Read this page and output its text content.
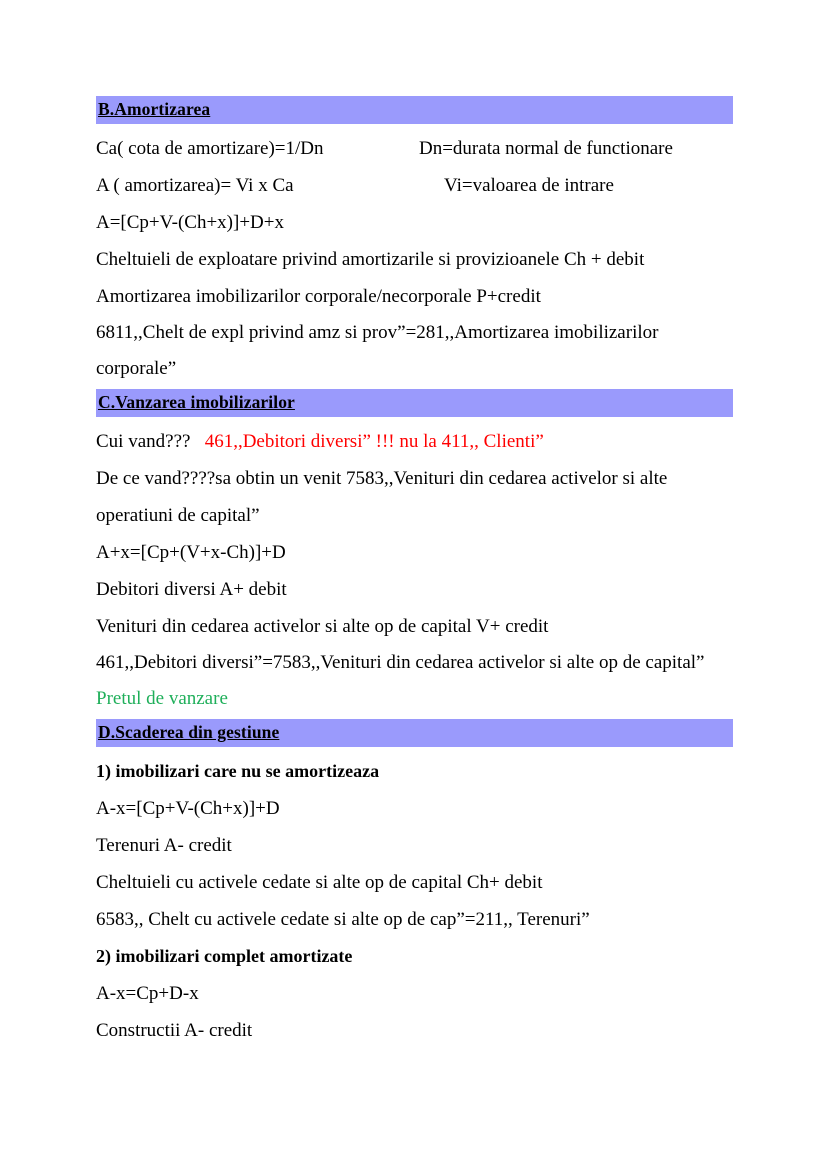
B.Amortizarea
Ca( cota de amortizare)=1/Dn	Dn=durata normal de functionare
A ( amortizarea)= Vi x Ca	Vi=valoarea de intrare
A=[Cp+V-(Ch+x)]+D+x
Cheltuieli de exploatare privind amortizarile si provizioanele Ch + debit
Amortizarea imobilizarilor corporale/necorporale P+credit
6811,,Chelt de expl privind amz si prov”=281,,Amortizarea imobilizarilor
corporale”
C.Vanzarea imobilizarilor
Cui vand??? 461,,Debitori diversi” !!! nu la 411,, Clienti”
De ce vand????sa obtin un venit 7583,,Venituri din cedarea activelor si alte
operatiuni de capital”
A+x=[Cp+(V+x-Ch)]+D
Debitori diversi A+ debit
Venituri din cedarea activelor si alte op de capital V+ credit
461,,Debitori diversi”=7583,,Venituri din cedarea activelor si alte op de capital”
Pretul de vanzare
D.Scaderea din gestiune
1) imobilizari care nu se amortizeaza
A-x=[Cp+V-(Ch+x)]+D
Terenuri A- credit
Cheltuieli cu activele cedate si alte op de capital Ch+ debit
6583,, Chelt cu activele cedate si alte op de cap”=211,, Terenuri”
2) imobilizari complet amortizate
A-x=Cp+D-x
Constructii A- credit
